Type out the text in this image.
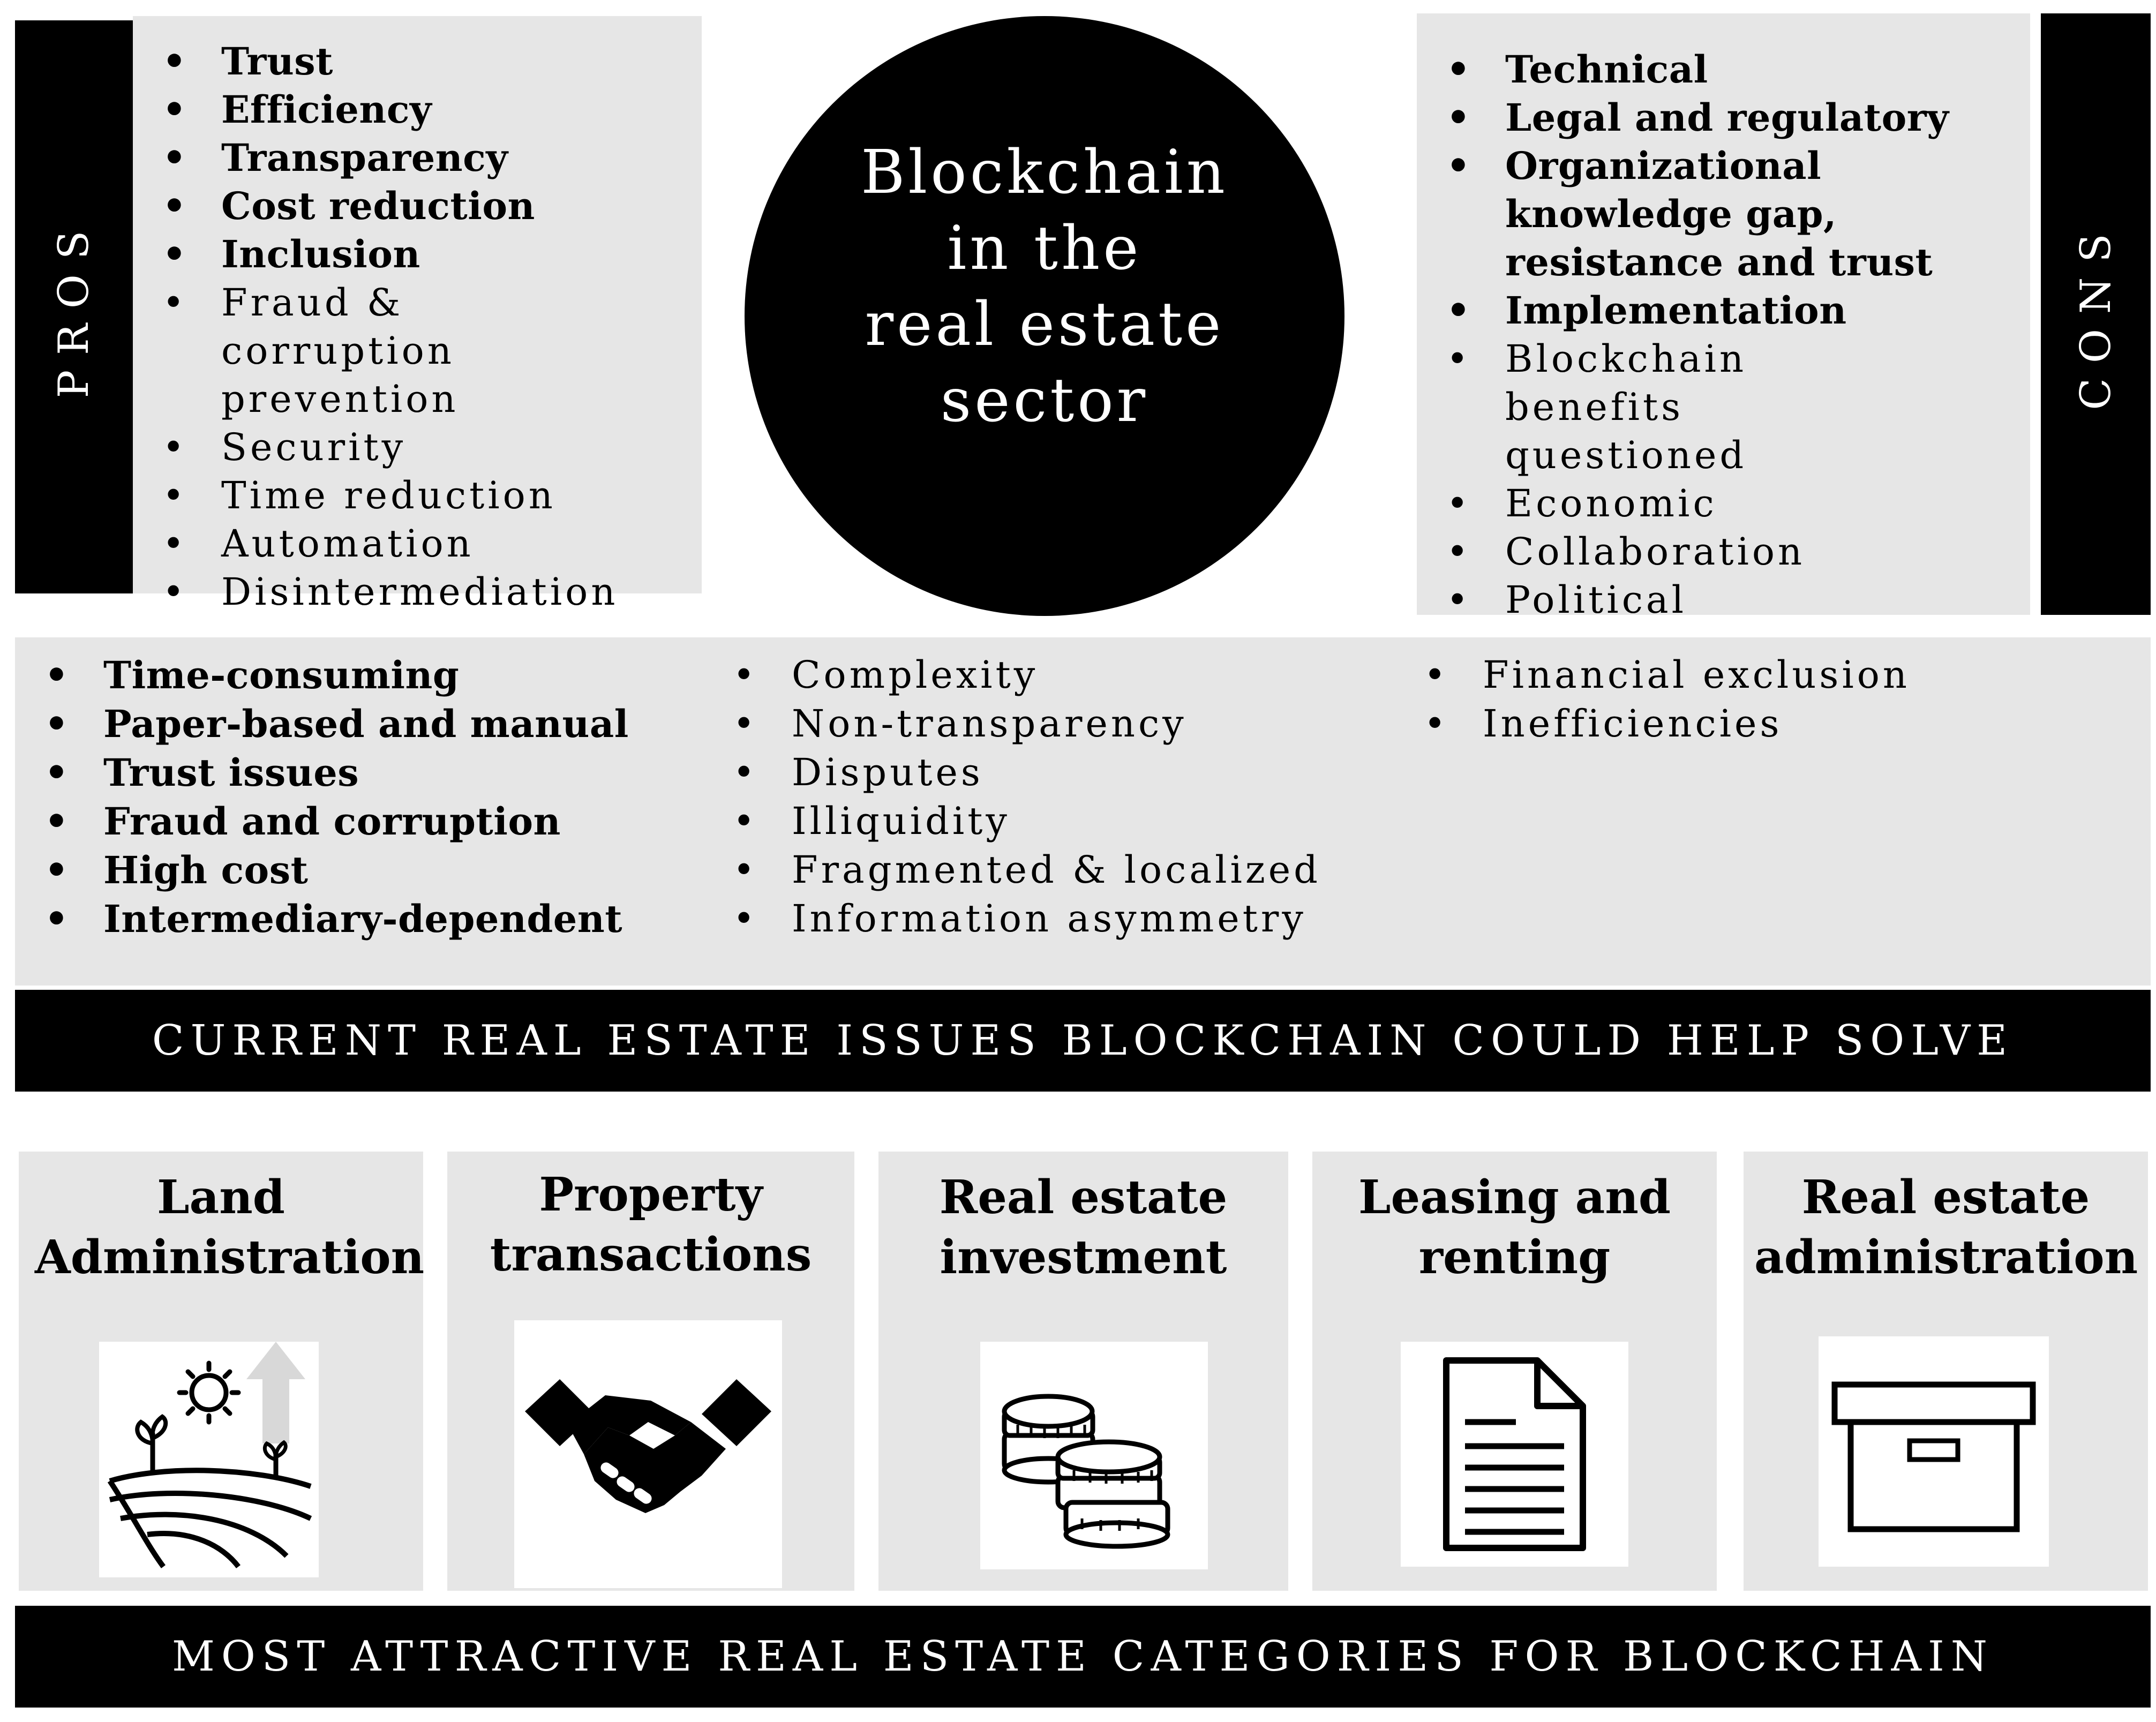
PROS
• Trust
• Efficiency
• Transparency
• Cost reduction
• Inclusion
• Fraud & corruption prevention
• Security
• Time reduction
• Automation
• Disintermediation
Blockchain
in the
real estate
sector
• Technical
• Legal and regulatory
• Organizational knowledge gap, resistance and trust
• Implementation
• Blockchain benefits questioned
• Economic
• Collaboration
• Political
CONS
• Time-consuming
• Paper-based and manual
• Trust issues
• Fraud and corruption
• High cost
• Intermediary-dependent
• Complexity
• Non-transparency
• Disputes
• Illiquidity
• Fragmented & localized
• Information asymmetry
• Financial exclusion
• Inefficiencies
CURRENT REAL ESTATE ISSUES BLOCKCHAIN COULD HELP SOLVE
Land Administration
Property transactions
Real estate investment
Leasing and renting
Real estate administration
MOST ATTRACTIVE REAL ESTATE CATEGORIES FOR BLOCKCHAIN
